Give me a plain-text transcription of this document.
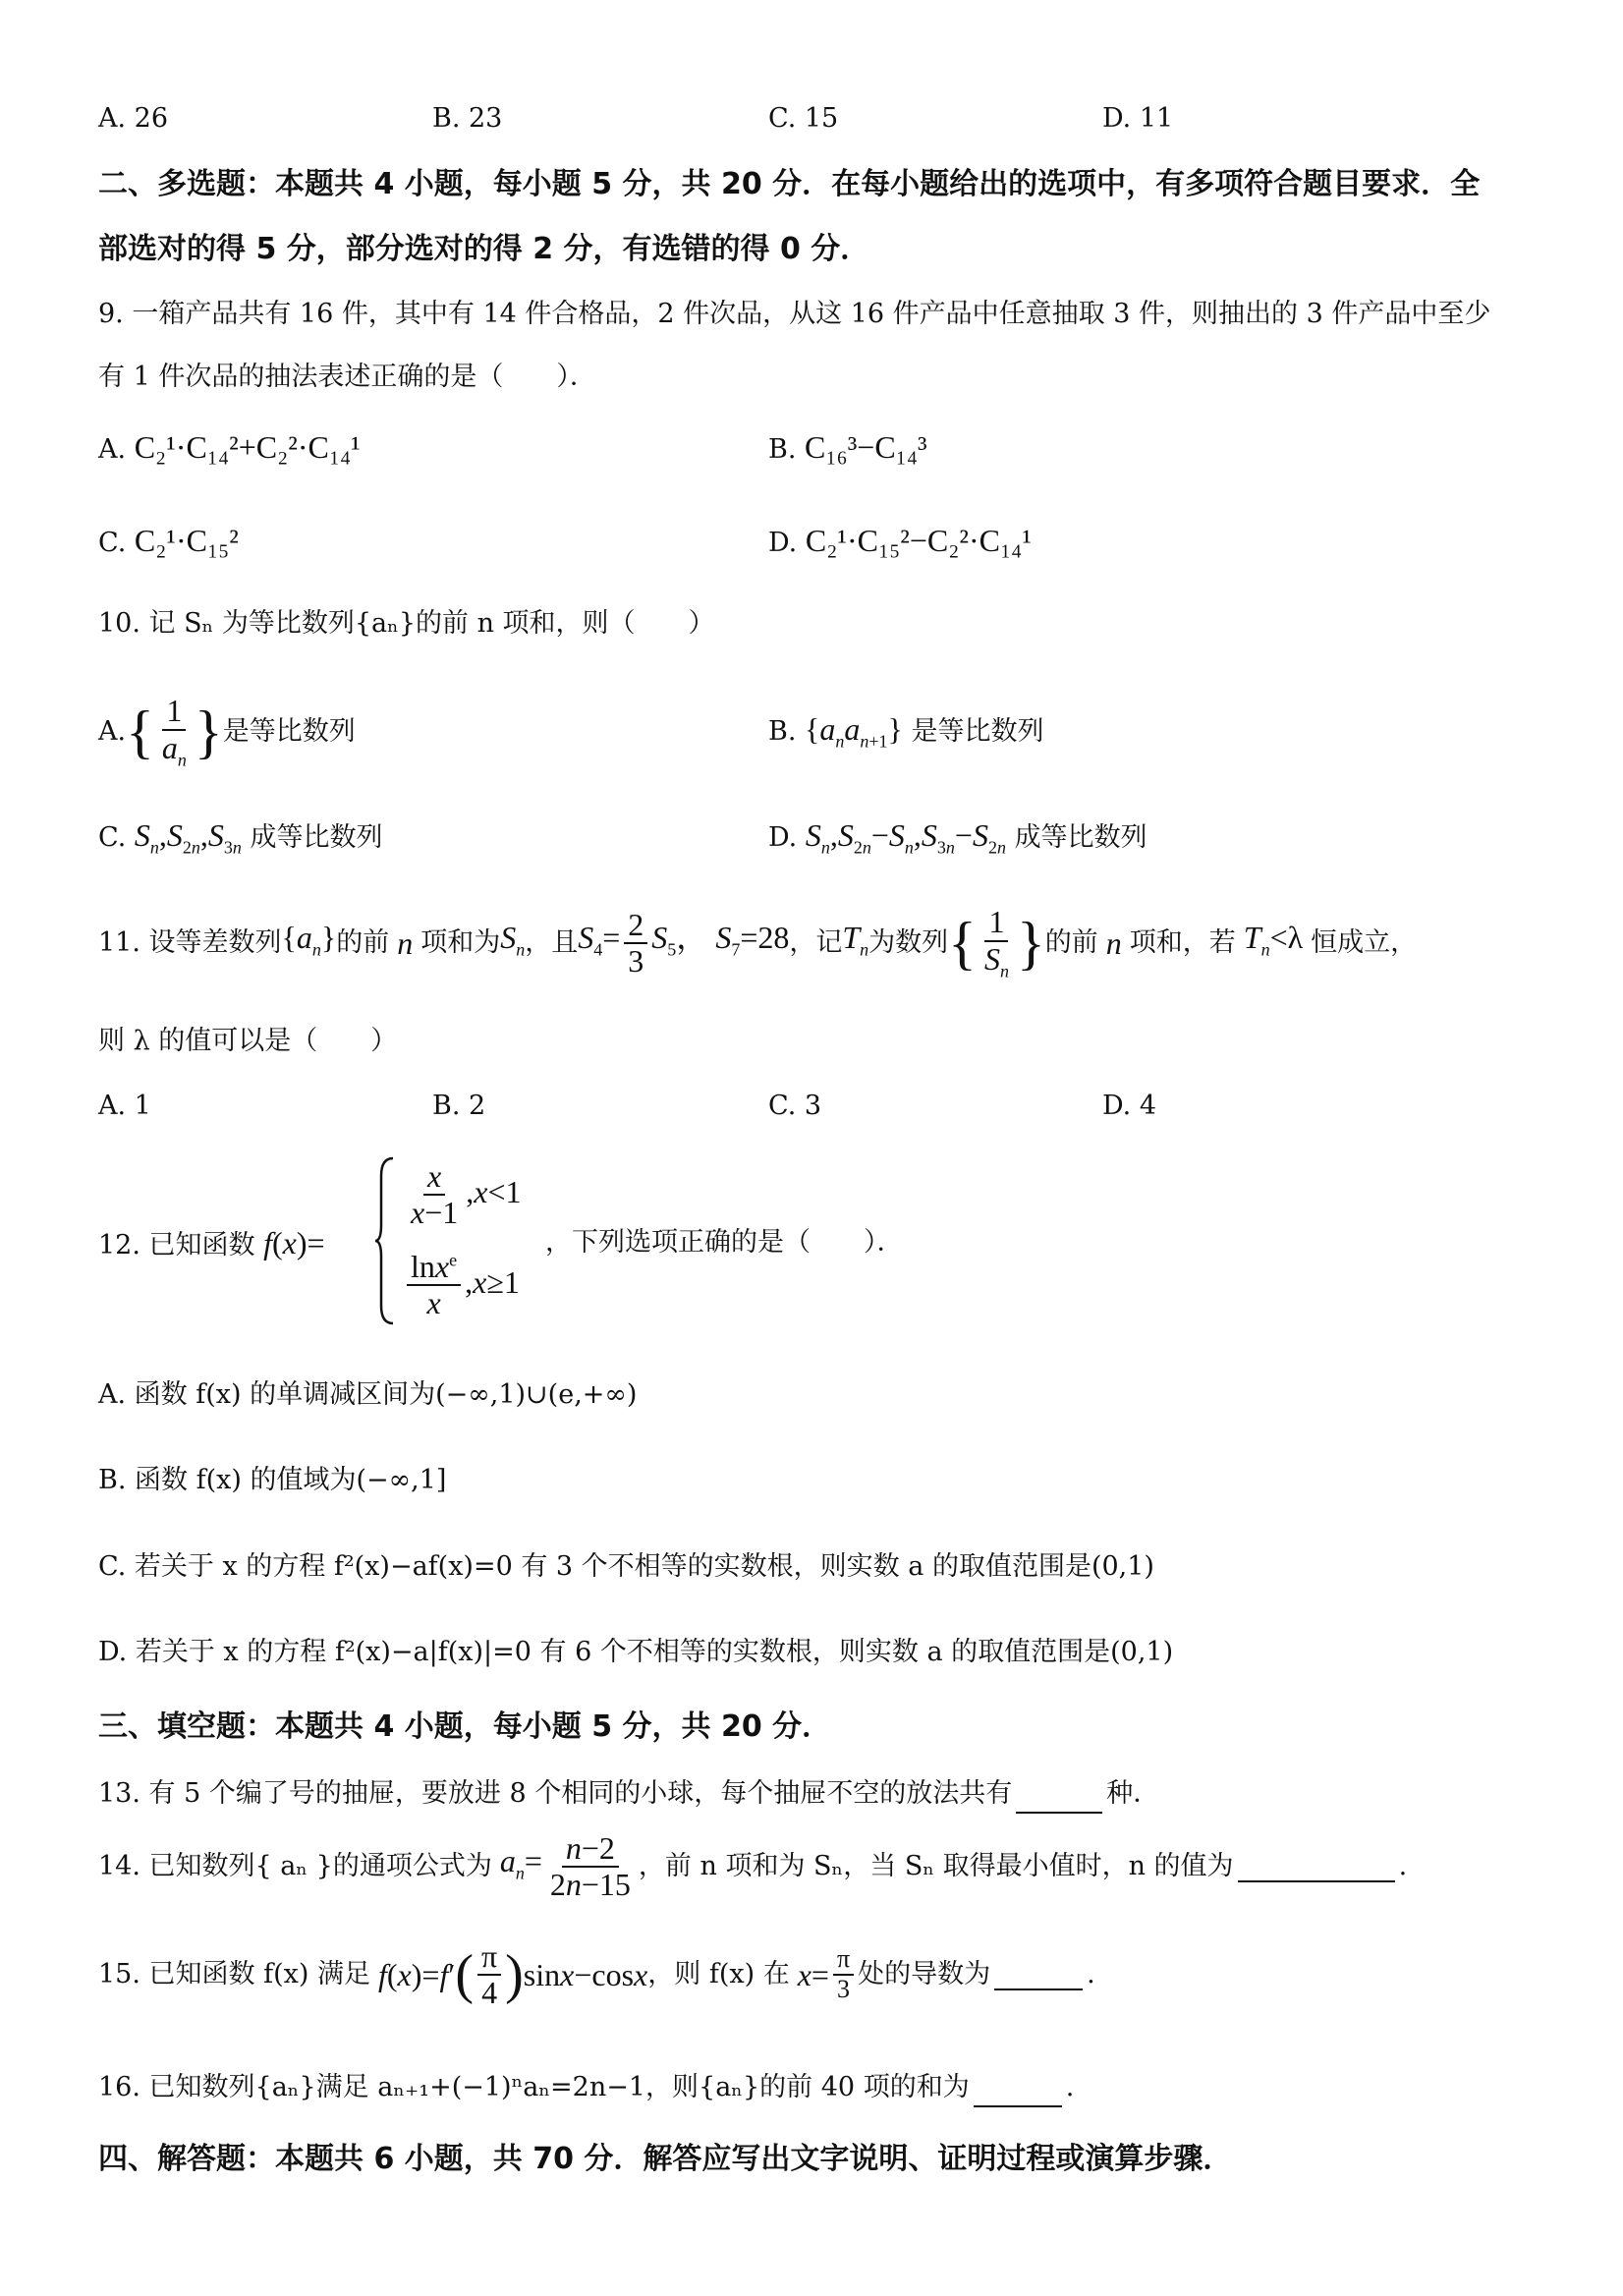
A. 26	B. 23	C. 15	D. 11
二、多选题：本题共 4 小题，每小题 5 分，共 20 分．在每小题给出的选项中，有多项符合题目要求．全
部选对的得 5 分，部分选对的得 2 分，有选错的得 0 分．
9. 一箱产品共有 16 件，其中有 14 件合格品，2 件次品，从这 16 件产品中任意抽取 3 件，则抽出的 3 件产品中至少
有 1 件次品的抽法表述正确的是（　　）．
A. C₂¹·C₁₄²+C₂²·C₁₄¹	B. C₁₆³−C₁₄³
C. C₂¹·C₁₅²	D. C₂¹·C₁₅²−C₂²·C₁₄¹
10. 记 Sₙ 为等比数列{aₙ}的前 n 项和，则（　　）
A. { $\frac{1}{a_n}$ } 是等比数列	B. $\{a_na_{n+1}\}$ 是等比数列
C. $S_n,S_{2n},S_{3n}$ 成等比数列	D. $S_n,S_{2n}-S_n,S_{3n}-S_{2n}$ 成等比数列
11. 设等差数列 $\{a_n\}$ 的前 n 项和为 $S_n$ ，且 $S_4= \frac{2}{3} S_5$， $S_7=28$ ，记 $T_n$ 为数列 { $\frac{1}{S_n}$ } 的前 n 项和，若 $T_n<\lambda$ 恒成立，
则 λ 的值可以是（　　）
A. 1	B. 2	C. 3	D. 4
12. 已知函数 f(x)=
$\frac{x}{x-1} ,x<1$
$\frac{\ln x^e}{x} ,x\ge 1$
，下列选项正确的是（　　）．
A. 函数 f(x) 的单调减区间为(−∞,1)∪(e,+∞)
B. 函数 f(x) 的值域为(−∞,1]
C. 若关于 x 的方程 f²(x)−af(x)=0 有 3 个不相等的实数根，则实数 a 的取值范围是(0,1)
D. 若关于 x 的方程 f²(x)−a|f(x)|=0 有 6 个不相等的实数根，则实数 a 的取值范围是(0,1)
三、填空题：本题共 4 小题，每小题 5 分，共 20 分．
13. 有 5 个编了号的抽屉，要放进 8 个相同的小球，每个抽屉不空的放法共有	种．
14. 已知数列{ aₙ }的通项公式为 $a_n= \frac{n-2}{2n-15}$ ，前 n 项和为 Sₙ，当 Sₙ 取得最小值时，n 的值为	.
15. 已知函数 f(x) 满足 f(x)=f′ ( $\frac{\pi}{4}$ ) sinx−cosx ，则 f(x) 在 $x= \frac{\pi}{3}$ 处的导数为	.
16. 已知数列{aₙ}满足 aₙ₊₁+(−1)ⁿaₙ=2n−1，则{aₙ}的前 40 项的和为	.
四、解答题：本题共 6 小题，共 70 分．解答应写出文字说明、证明过程或演算步骤．
